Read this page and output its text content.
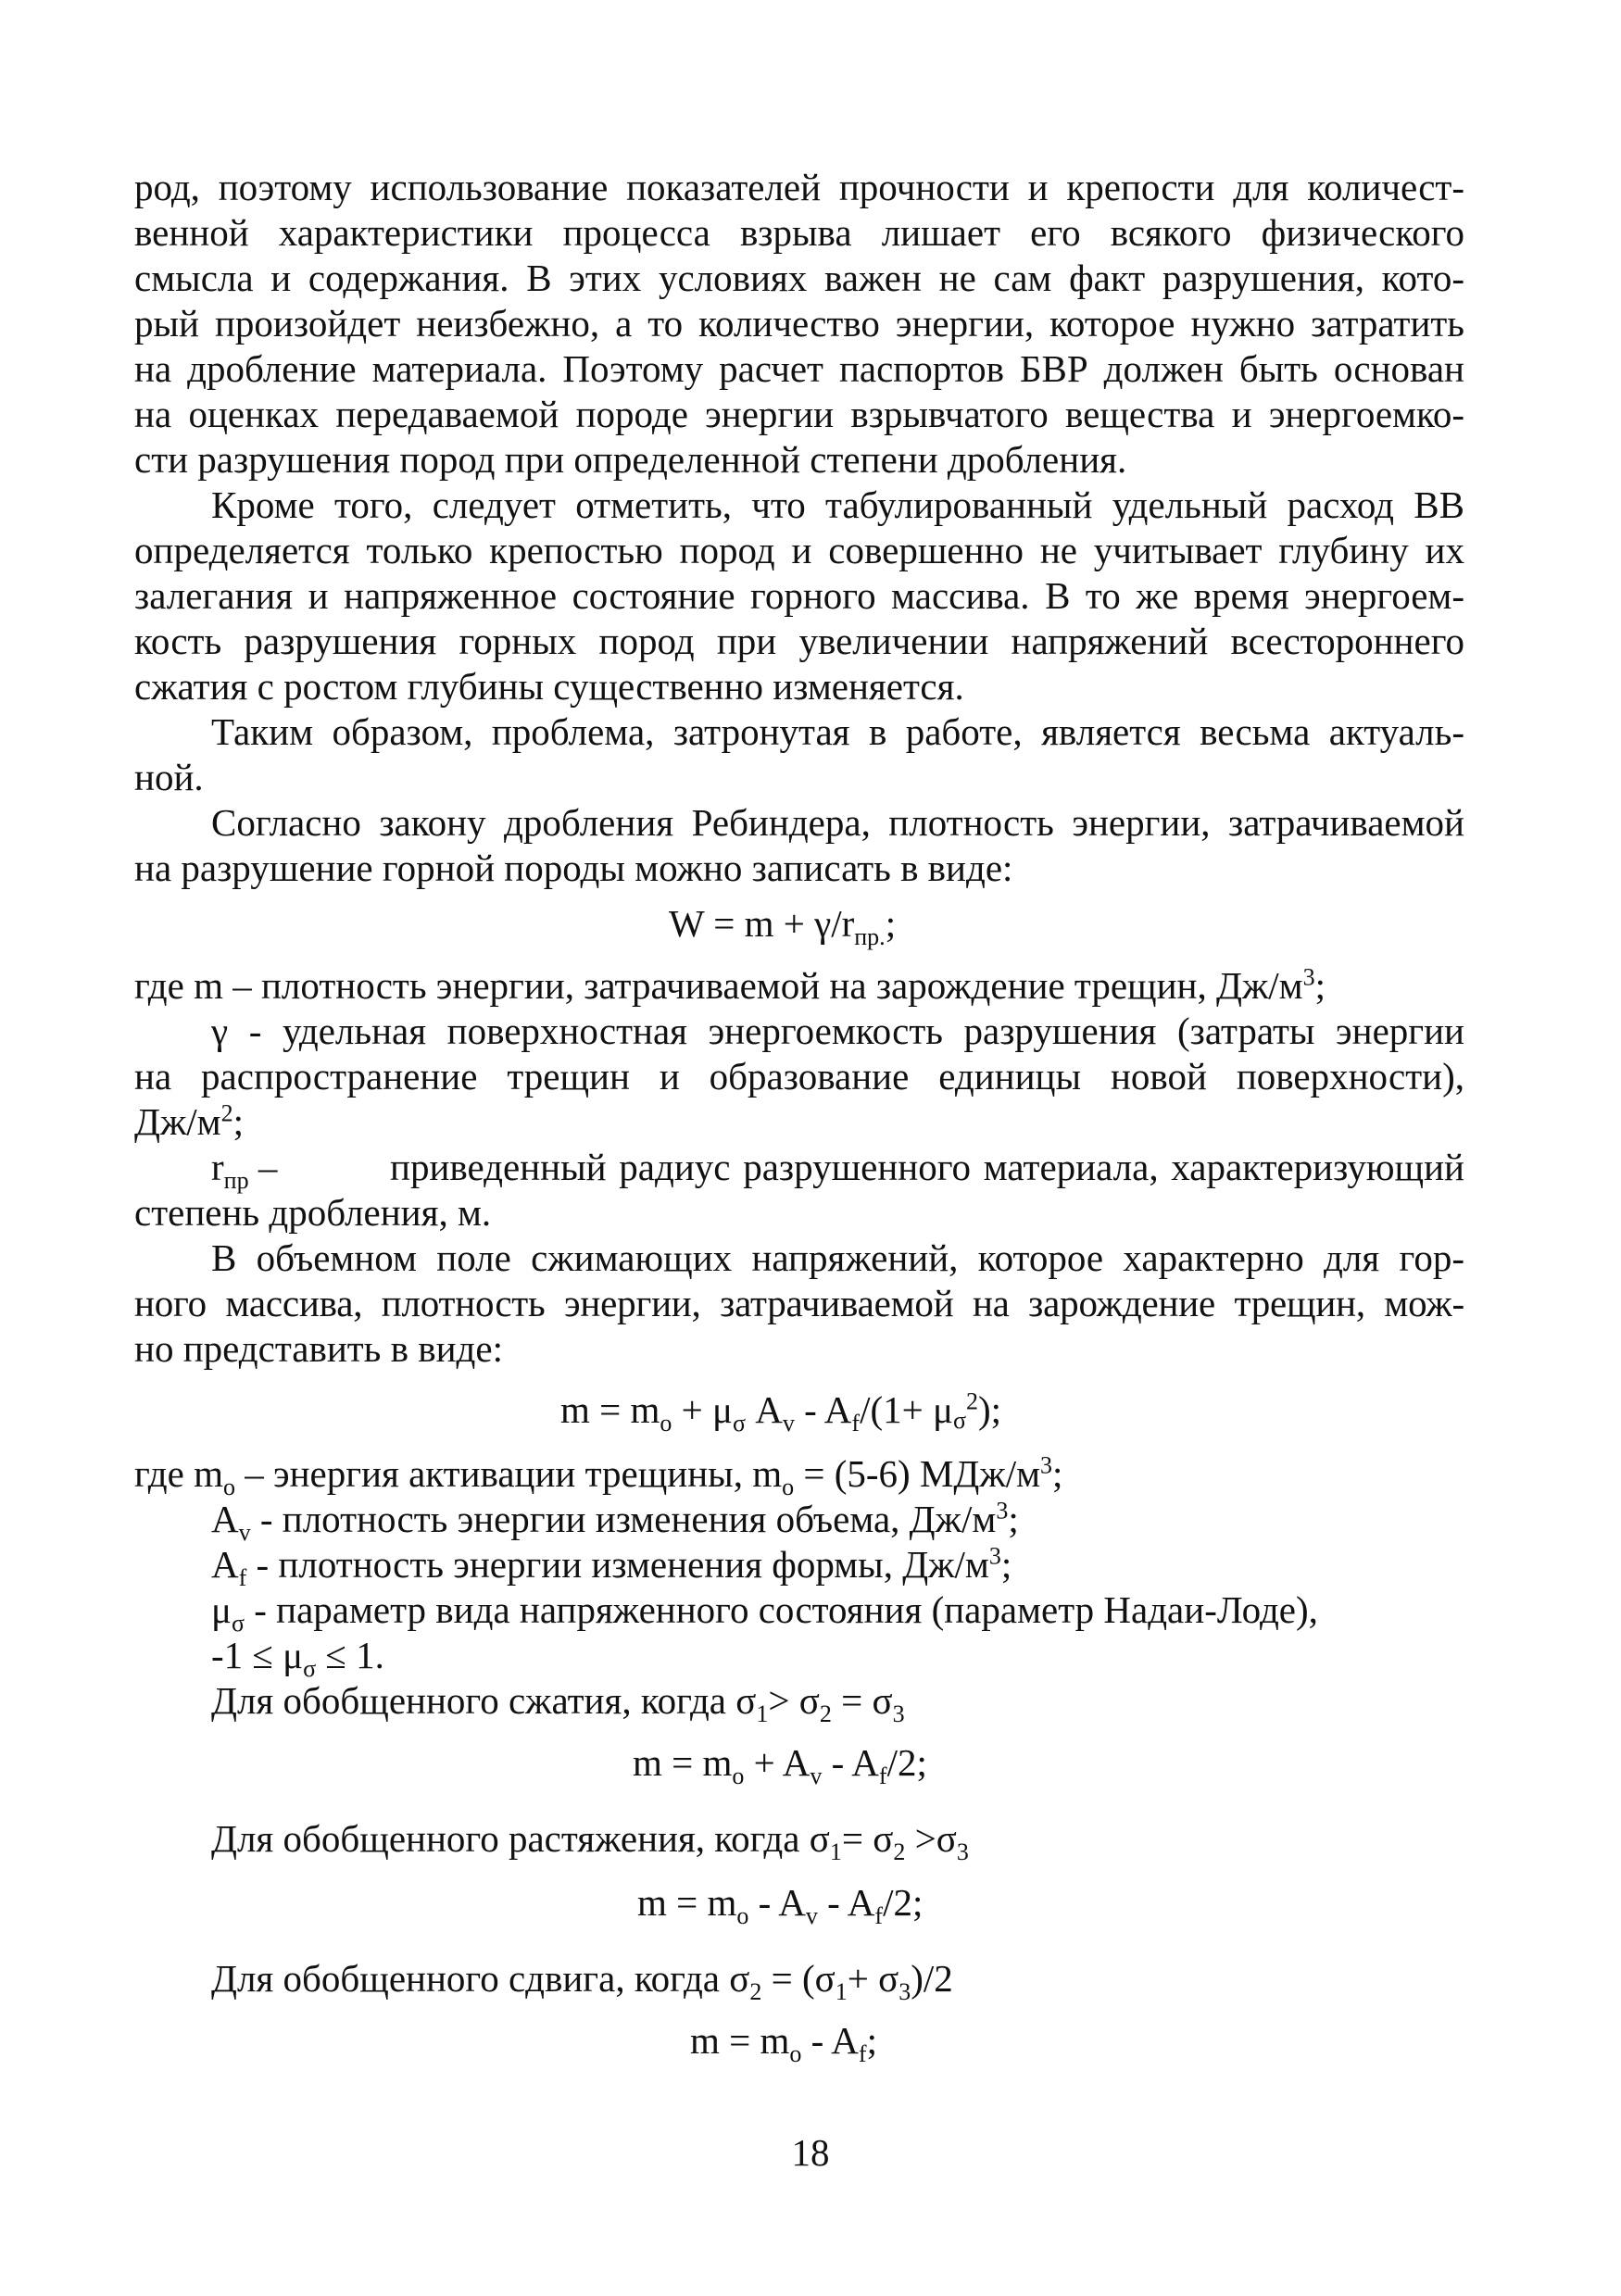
род, поэтому использование показателей прочности и крепости для количест-
венной характеристики процесса взрыва лишает его всякого физического
смысла и содержания. В этих условиях важен не сам факт разрушения, кото-
рый произойдет неизбежно, а то количество энергии, которое нужно затратить
на дробление материала. Поэтому расчет паспортов БВР должен быть основан
на оценках передаваемой породе энергии взрывчатого вещества и энергоемко-
сти разрушения пород при определенной степени дробления.
Кроме того, следует отметить, что табулированный удельный расход ВВ
определяется только крепостью пород и совершенно не учитывает глубину их
залегания и напряженное состояние горного массива. В то же время энергоем-
кость разрушения горных пород при увеличении напряжений всестороннего
сжатия с ростом глубины существенно изменяется.
Таким образом, проблема, затронутая в работе, является весьма актуаль-
ной.
Согласно закону дробления Ребиндера, плотность энергии, затрачиваемой
на разрушение горной породы можно записать в виде:
$W = m + \gamma/r_{пр.}$;
где m – плотность энергии, затрачиваемой на зарождение трещин, $Дж/м^3$;
γ - удельная поверхностная энергоемкость разрушения (затраты энергии
на распространение трещин и образование единицы новой поверхности),
$Дж/м^2$;
$r_{пр}$ –	приведенный радиус разрушенного материала, характеризующий
степень дробления, м.
В объемном поле сжимающих напряжений, которое характерно для гор-
ного массива, плотность энергии, затрачиваемой на зарождение трещин, мож-
но представить в виде:
$m = m_o + \mu_\sigma$ $A_v - A_f/(1+ \mu\sigma^2)$;
где $m_o$ – энергия активации трещины, $m_o = (5-6)$ МДж/$м^3$;
$A_v$ - плотность энергии изменения объема, $Дж/м^3$;
$A_f$ - плотность энергии изменения формы, $Дж/м^3$;
$\mu_\sigma$ - параметр вида напряженного состояния (параметр Надаи-Лоде),
$-1 \le \mu_\sigma \le 1$.
Для обобщенного сжатия, когда $\sigma_1> \sigma_2 = \sigma_3$
$m = m_o + A_v - A_f/2$;
Для обобщенного растяжения, когда $\sigma_1= \sigma_2 >\sigma_3$
$m = m_o - A_v - A_f/2$;
Для обобщенного сдвига, когда $\sigma_2 = (\sigma_1+ \sigma_3)/2$
$m = m_o - A_f$;
18
